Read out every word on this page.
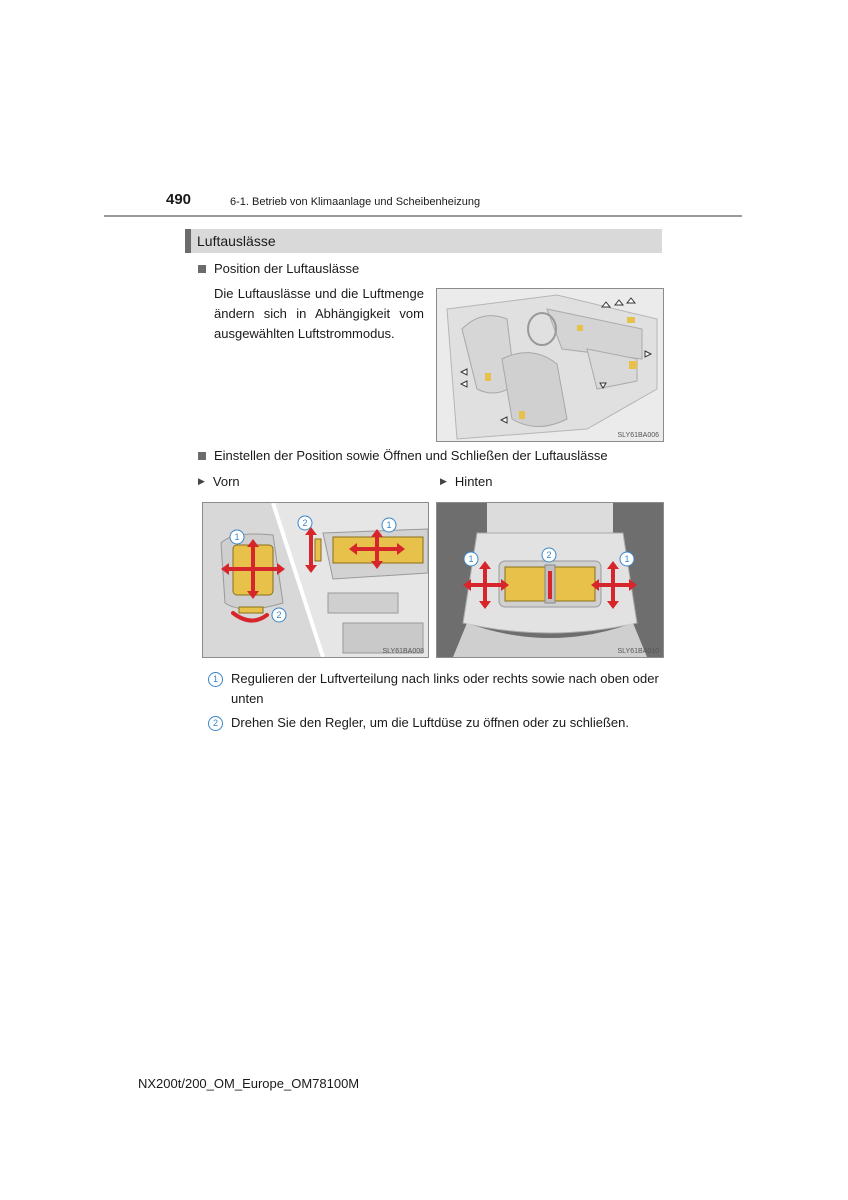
490	6-1. Betrieb von Klimaanlage und Scheibenheizung
Luftauslässe
Position der Luftauslässe
Die Luftauslässe und die Luftmenge ändern sich in Abhängigkeit vom ausgewählten Luftstrommodus.
SLY61BA006
Einstellen der Position sowie Öffnen und Schließen der Luftauslässe
▶ Vorn	▶ Hinten
1
2
2	1
SLY61BA008
1	2	1
SLY61BA010
1	Regulieren der Luftverteilung nach links oder rechts sowie nach oben oder unten
2	Drehen Sie den Regler, um die Luftdüse zu öffnen oder zu schließen.
NX200t/200_OM_Europe_OM78100M
